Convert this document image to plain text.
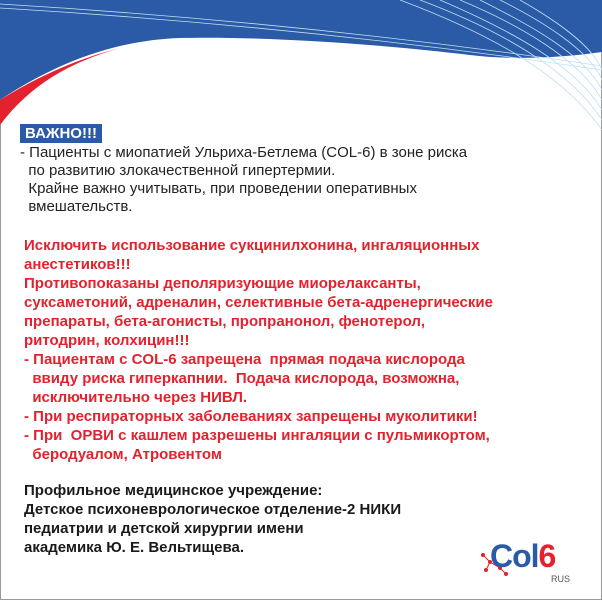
ВАЖНО!!!
- Пациенты с миопатией Ульриха-Бетлема (COL-6) в зоне риска
по развитию злокачественной гипертермии.
Крайне важно учитывать, при проведении оперативных
вмешательств.
Исключить использование сукцинилхонина, ингаляционных
анестетиков!!!
Противопоказаны деполяризующие миорелаксанты,
суксаметоний, адреналин, селективные бета-адренергические
препараты, бета-агонисты, пропранонол, фенотерол,
ритодрин, колхицин!!!
- Пациентам с COL-6 запрещена  прямая подача кислорода
ввиду риска гиперкапнии.  Подача кислорода, возможна,
исключительно через НИВЛ.
- При респираторных заболеваниях запрещены муколитики!
- При  ОРВИ с кашлем разрешены ингаляции с пульмикортом,
беродуалом, Атровентом
Профильное медицинское учреждение:
Детское психоневрологическое отделение-2 НИКИ
педиатрии и детской хирургии имени
академика Ю. Е. Вельтищева.	Col6
RUS
